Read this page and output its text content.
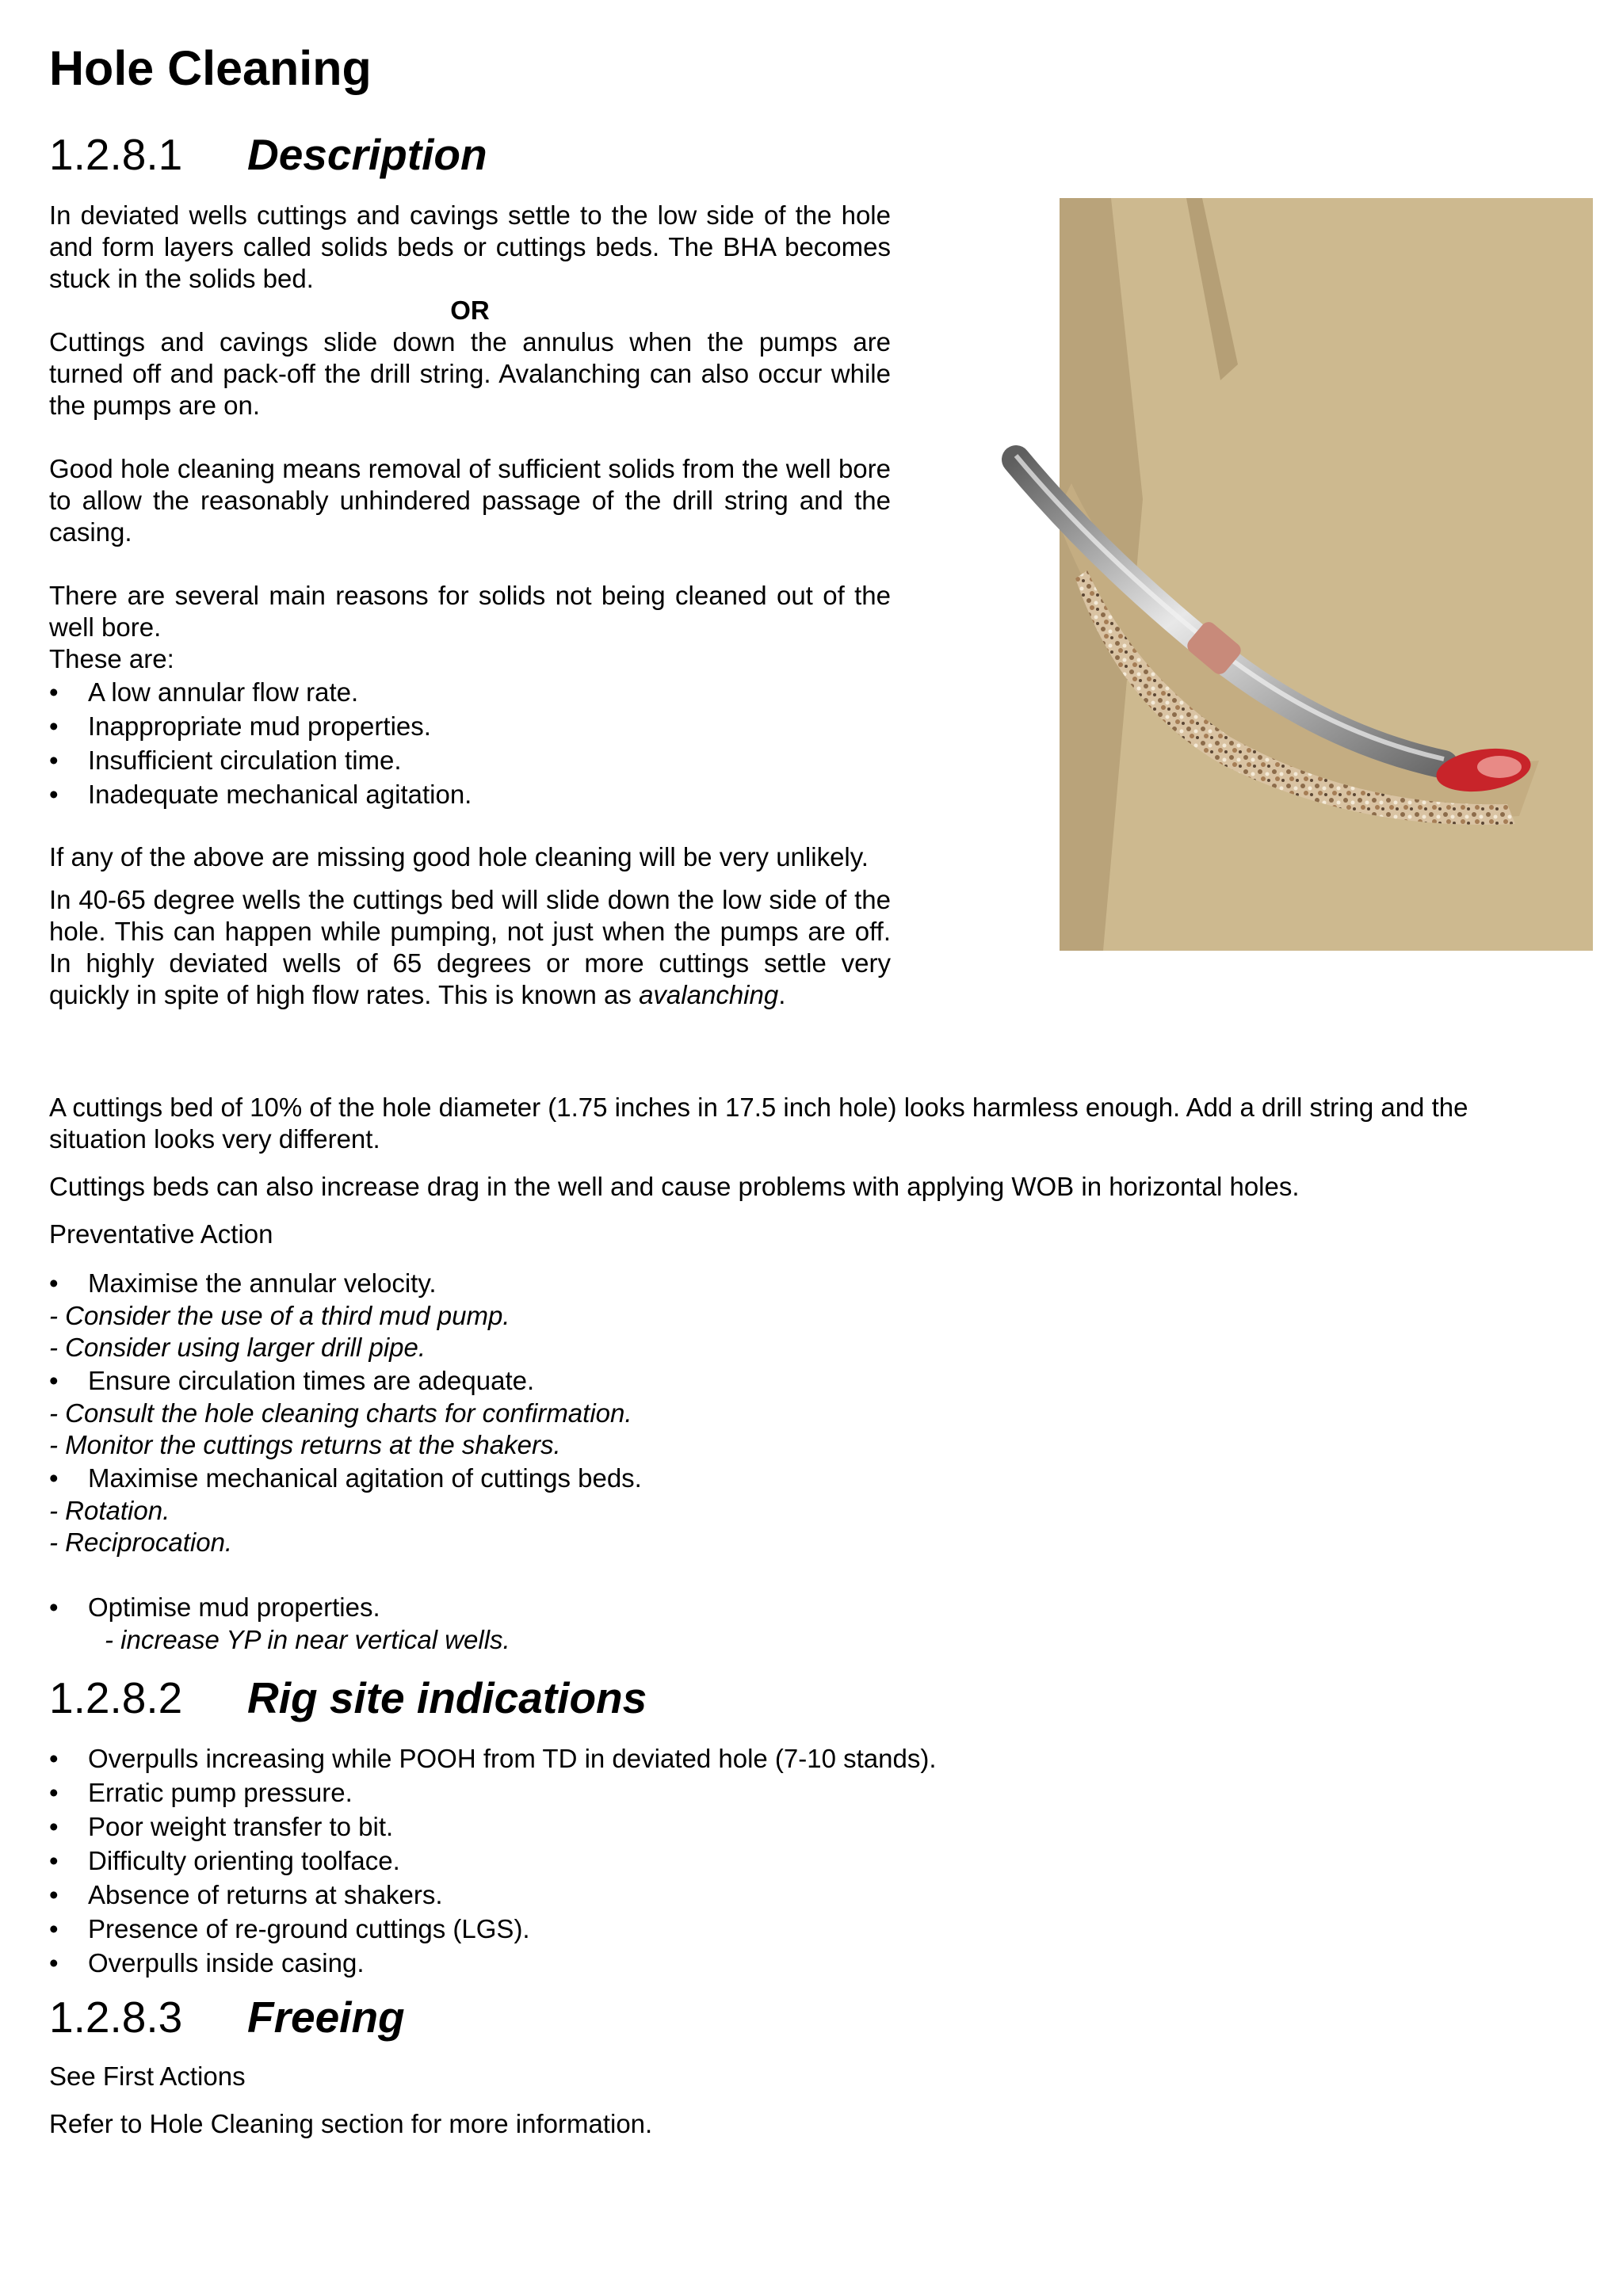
Hole Cleaning
1.2.8.1 Description

In deviated wells cuttings and cavings settle to the low side of the hole and form layers called solids beds or cuttings beds. The BHA becomes stuck in the solids bed.

OR

Cuttings and cavings slide down the annulus when the pumps are turned off and pack-off the drill string. Avalanching can also occur while the pumps are on.

Good hole cleaning means removal of sufficient solids from the well bore to allow the reasonably unhindered passage of the drill string and the casing.

There are several main reasons for solids not being cleaned out of the well bore.

These are:

• A low annular flow rate.
• Inappropriate mud properties.
• Insufficient circulation time.
• Inadequate mechanical agitation.

If any of the above are missing good hole cleaning will be very unlikely.

In 40-65 degree wells the cuttings bed will slide down the low side of the hole. This can happen while pumping, not just when the pumps are off. In highly deviated wells of 65 degrees or more cuttings settle very quickly in spite of high flow rates. This is known as avalanching.

A cuttings bed of 10% of the hole diameter (1.75 inches in 17.5 inch hole) looks harmless enough. Add a drill string and the situation looks very different.

Cuttings beds can also increase drag in the well and cause problems with applying WOB in horizontal holes.

Preventative Action

• Maximise the annular velocity.
- Consider the use of a third mud pump.
- Consider using larger drill pipe.
• Ensure circulation times are adequate.
- Consult the hole cleaning charts for confirmation.
- Monitor the cuttings returns at the shakers.
• Maximise mechanical agitation of cuttings beds.
- Rotation.
- Reciprocation.
• Optimise mud properties.
- increase YP in near vertical wells.
1.2.8.2 Rig site indications
• Overpulls increasing while POOH from TD in deviated hole (7-10 stands).
• Erratic pump pressure.
• Poor weight transfer to bit.
• Difficulty orienting toolface.
• Absence of returns at shakers.
• Presence of re-ground cuttings (LGS).
• Overpulls inside casing.
1.2.8.3 Freeing

See First Actions

Refer to Hole Cleaning section for more information.
